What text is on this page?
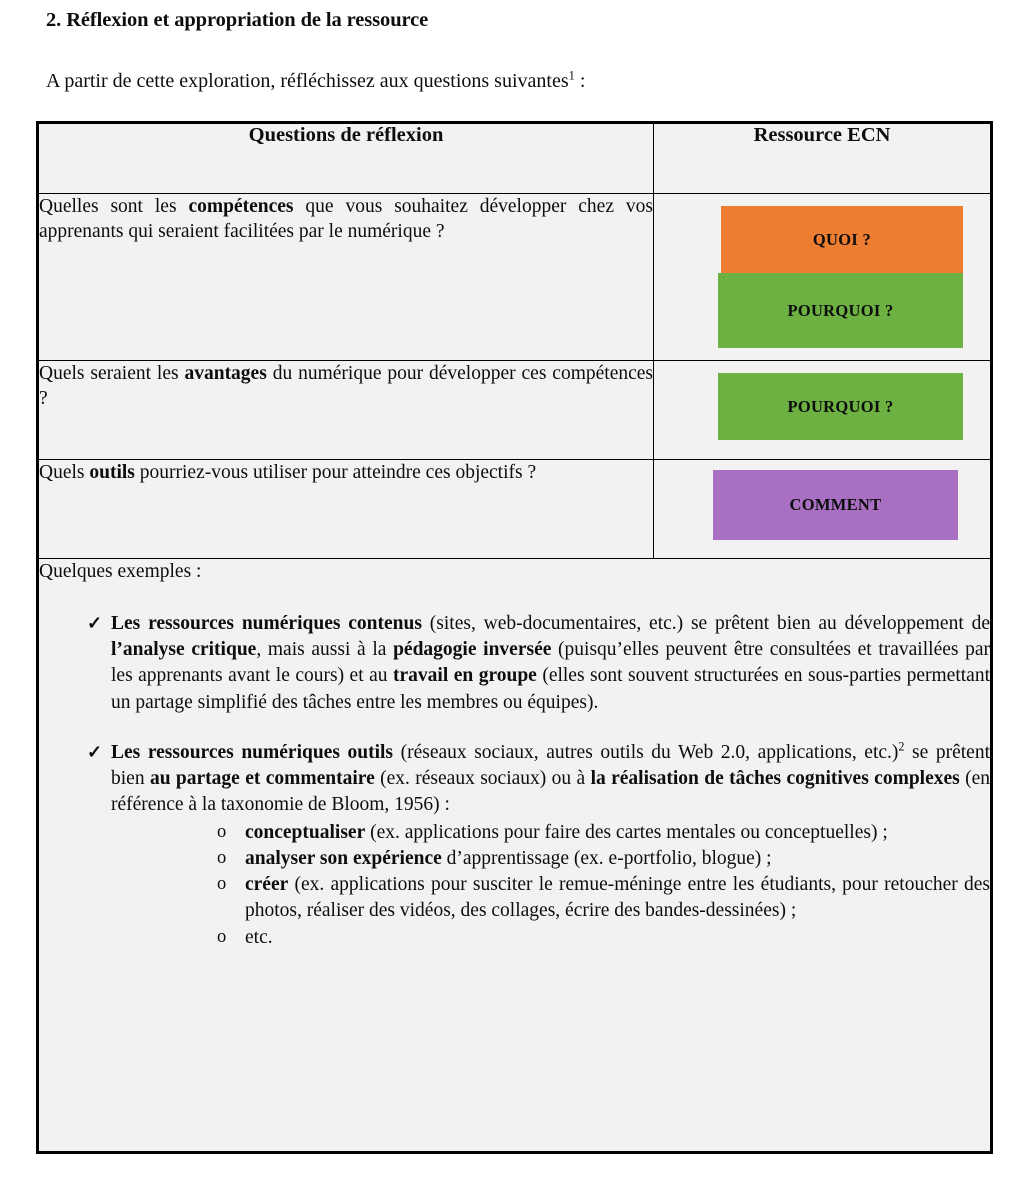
2. Réflexion et appropriation de la ressource
A partir de cette exploration, réfléchissez aux questions suivantes$^1$ :
Questions de réflexion	Ressource ECN
Quelles sont les compétences que vous souhaitez développer chez vos apprenants qui seraient facilitées par le numérique ?	QUOI ?
POURQUOI ?

Quels seraient les avantages du numérique pour développer ces compétences ?	POURQUOI ?

Quels outils pourriez-vous utiliser pour atteindre ces objectifs ?	COMMENT

Quelques exemples :

✓ Les ressources numériques contenus (sites, web-documentaires, etc.) se prêtent bien au développement de l’analyse critique, mais aussi à la pédagogie inversée (puisqu’elles peuvent être consultées et travaillées par les apprenants avant le cours) et au travail en groupe (elles sont souvent structurées en sous-parties permettant un partage simplifié des tâches entre les membres ou équipes).
✓ Les ressources numériques outils (réseaux sociaux, autres outils du Web 2.0, applications, etc.)$^2$ se prêtent bien au partage et commentaire (ex. réseaux sociaux) ou à la réalisation de tâches cognitives complexes (en référence à la taxonomie de Bloom, 1956) :
o conceptualiser (ex. applications pour faire des cartes mentales ou conceptuelles) ;
o analyser son expérience d’apprentissage (ex. e-portfolio, blogue) ;
o créer (ex. applications pour susciter le remue-méninge entre les étudiants, pour retoucher des photos, réaliser des vidéos, des collages, écrire des bandes-dessinées) ;
o etc.
